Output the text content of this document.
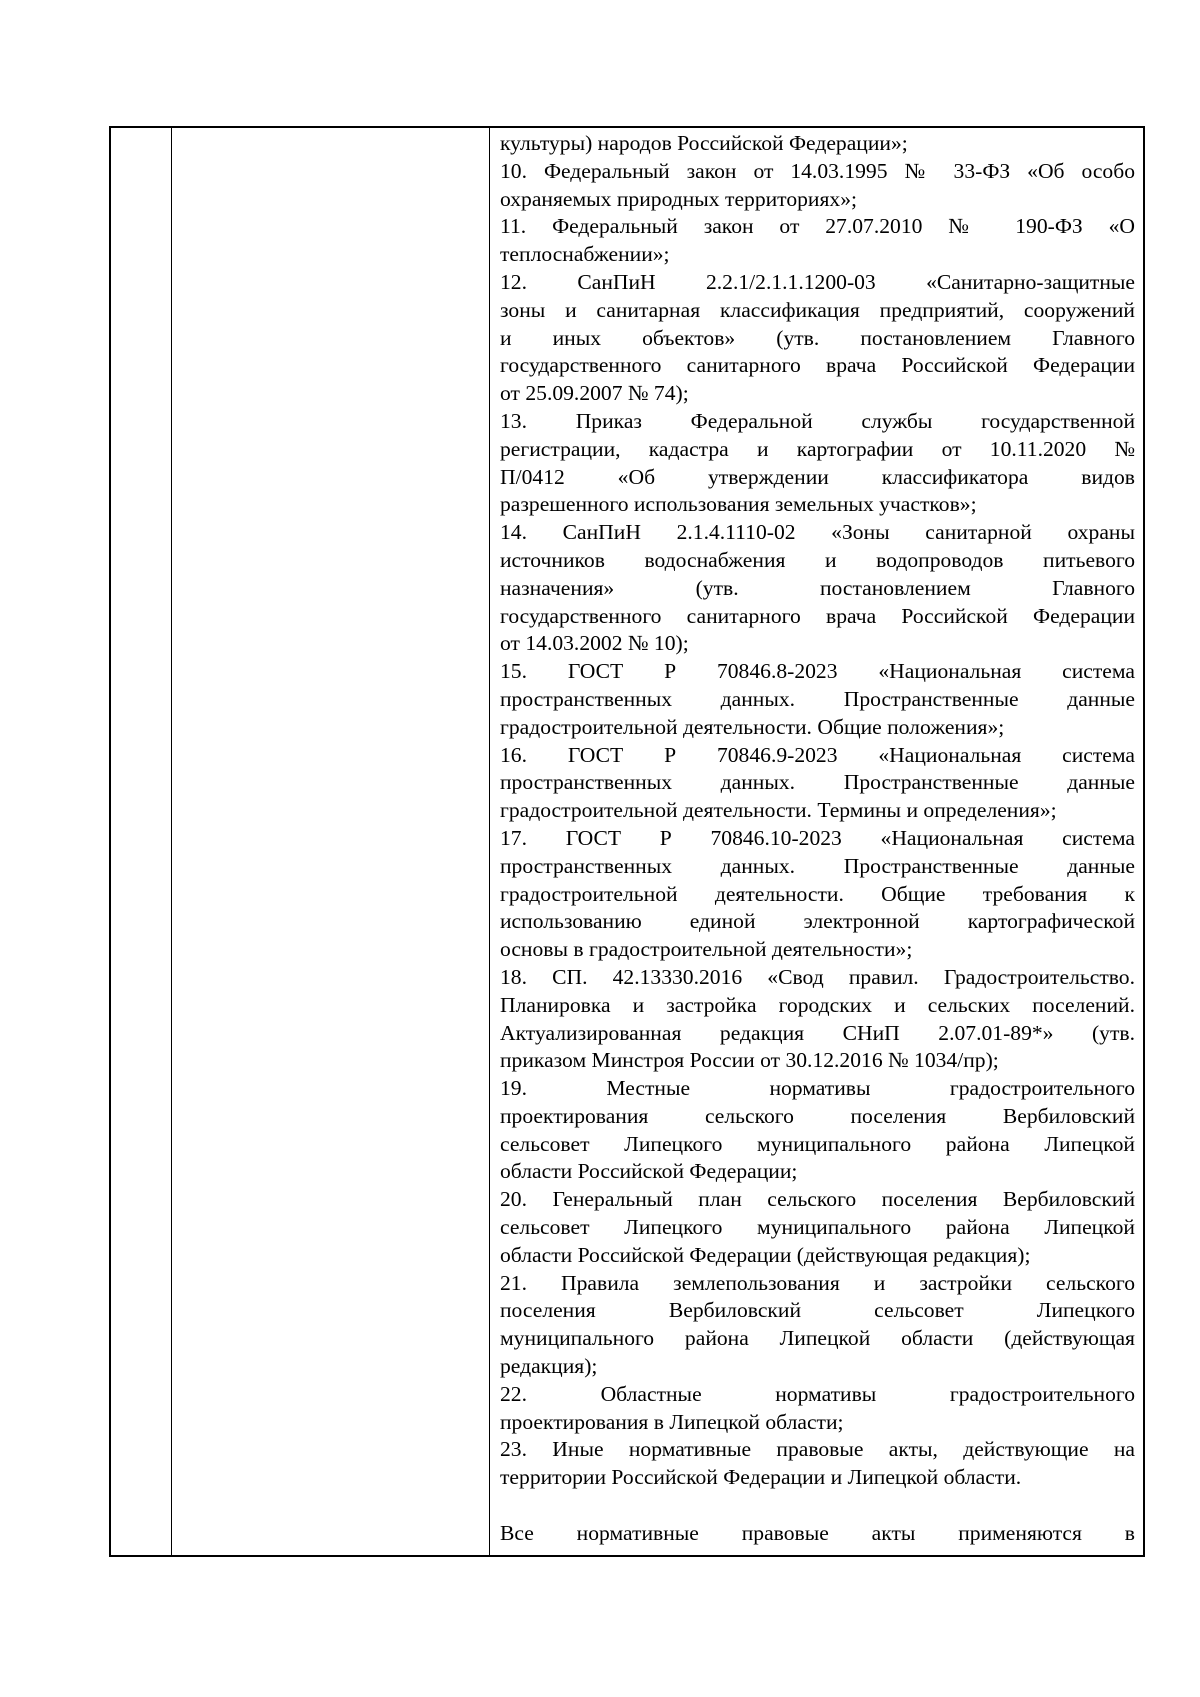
культуры) народов Российской Федерации»;
10. Федеральный закон от 14.03.1995 № 33-ФЗ «Об особо
охраняемых природных территориях»;
11. Федеральный закон от 27.07.2010 № 190-ФЗ «О
теплоснабжении»;
12. СанПиН 2.2.1/2.1.1.1200-03 «Санитарно-защитные
зоны и санитарная классификация предприятий, сооружений
и иных объектов» (утв. постановлением Главного
государственного санитарного врача Российской Федерации
от 25.09.2007 № 74);
13. Приказ Федеральной службы государственной
регистрации, кадастра и картографии от 10.11.2020 №
П/0412 «Об утверждении классификатора видов
разрешенного использования земельных участков»;
14. СанПиН 2.1.4.1110-02 «Зоны санитарной охраны
источников водоснабжения и водопроводов питьевого
назначения» (утв. постановлением Главного
государственного санитарного врача Российской Федерации
от 14.03.2002 № 10);
15. ГОСТ Р 70846.8-2023 «Национальная система
пространственных данных. Пространственные данные
градостроительной деятельности. Общие положения»;
16. ГОСТ Р 70846.9-2023 «Национальная система
пространственных данных. Пространственные данные
градостроительной деятельности. Термины и определения»;
17. ГОСТ Р 70846.10-2023 «Национальная система
пространственных данных. Пространственные данные
градостроительной деятельности. Общие требования к
использованию единой электронной картографической
основы в градостроительной деятельности»;
18. СП. 42.13330.2016 «Свод правил. Градостроительство.
Планировка и застройка городских и сельских поселений.
Актуализированная редакция СНиП 2.07.01-89*» (утв.
приказом Минстроя России от 30.12.2016 № 1034/пр);
19. Местные нормативы градостроительного
проектирования сельского поселения Вербиловский
сельсовет Липецкого муниципального района Липецкой
области Российской Федерации;
20. Генеральный план сельского поселения Вербиловский
сельсовет Липецкого муниципального района Липецкой
области Российской Федерации (действующая редакция);
21. Правила землепользования и застройки сельского
поселения Вербиловский сельсовет Липецкого
муниципального района Липецкой области (действующая
редакция);
22. Областные нормативы градостроительного
проектирования в Липецкой области;
23. Иные нормативные правовые акты, действующие на
территории Российской Федерации и Липецкой области.

Все нормативные правовые акты применяются в
